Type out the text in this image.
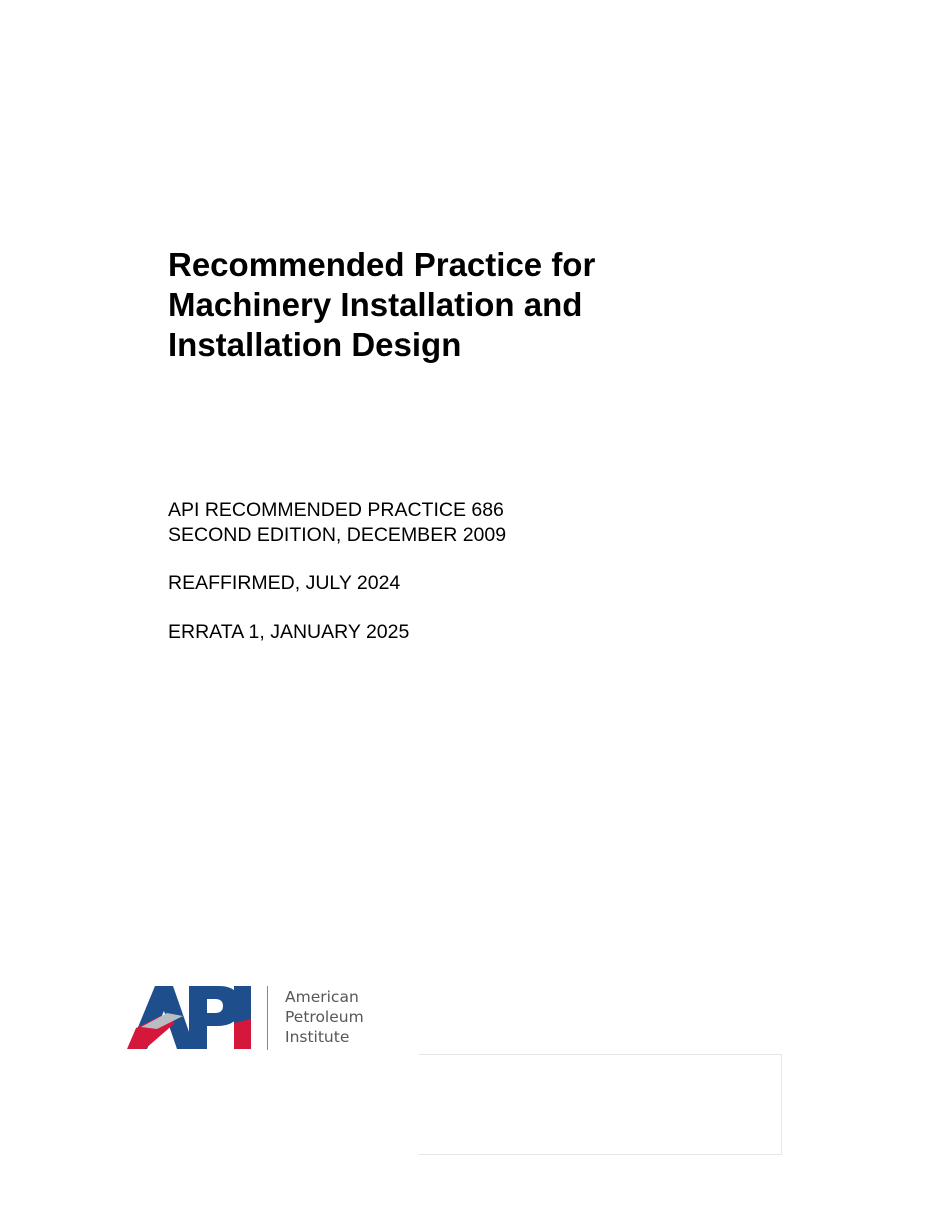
Recommended Practice for
Machinery Installation and
Installation Design
API RECOMMENDED PRACTICE 686
SECOND EDITION, DECEMBER 2009
REAFFIRMED, JULY 2024
ERRATA 1, JANUARY 2025
American
Petroleum
Institute
